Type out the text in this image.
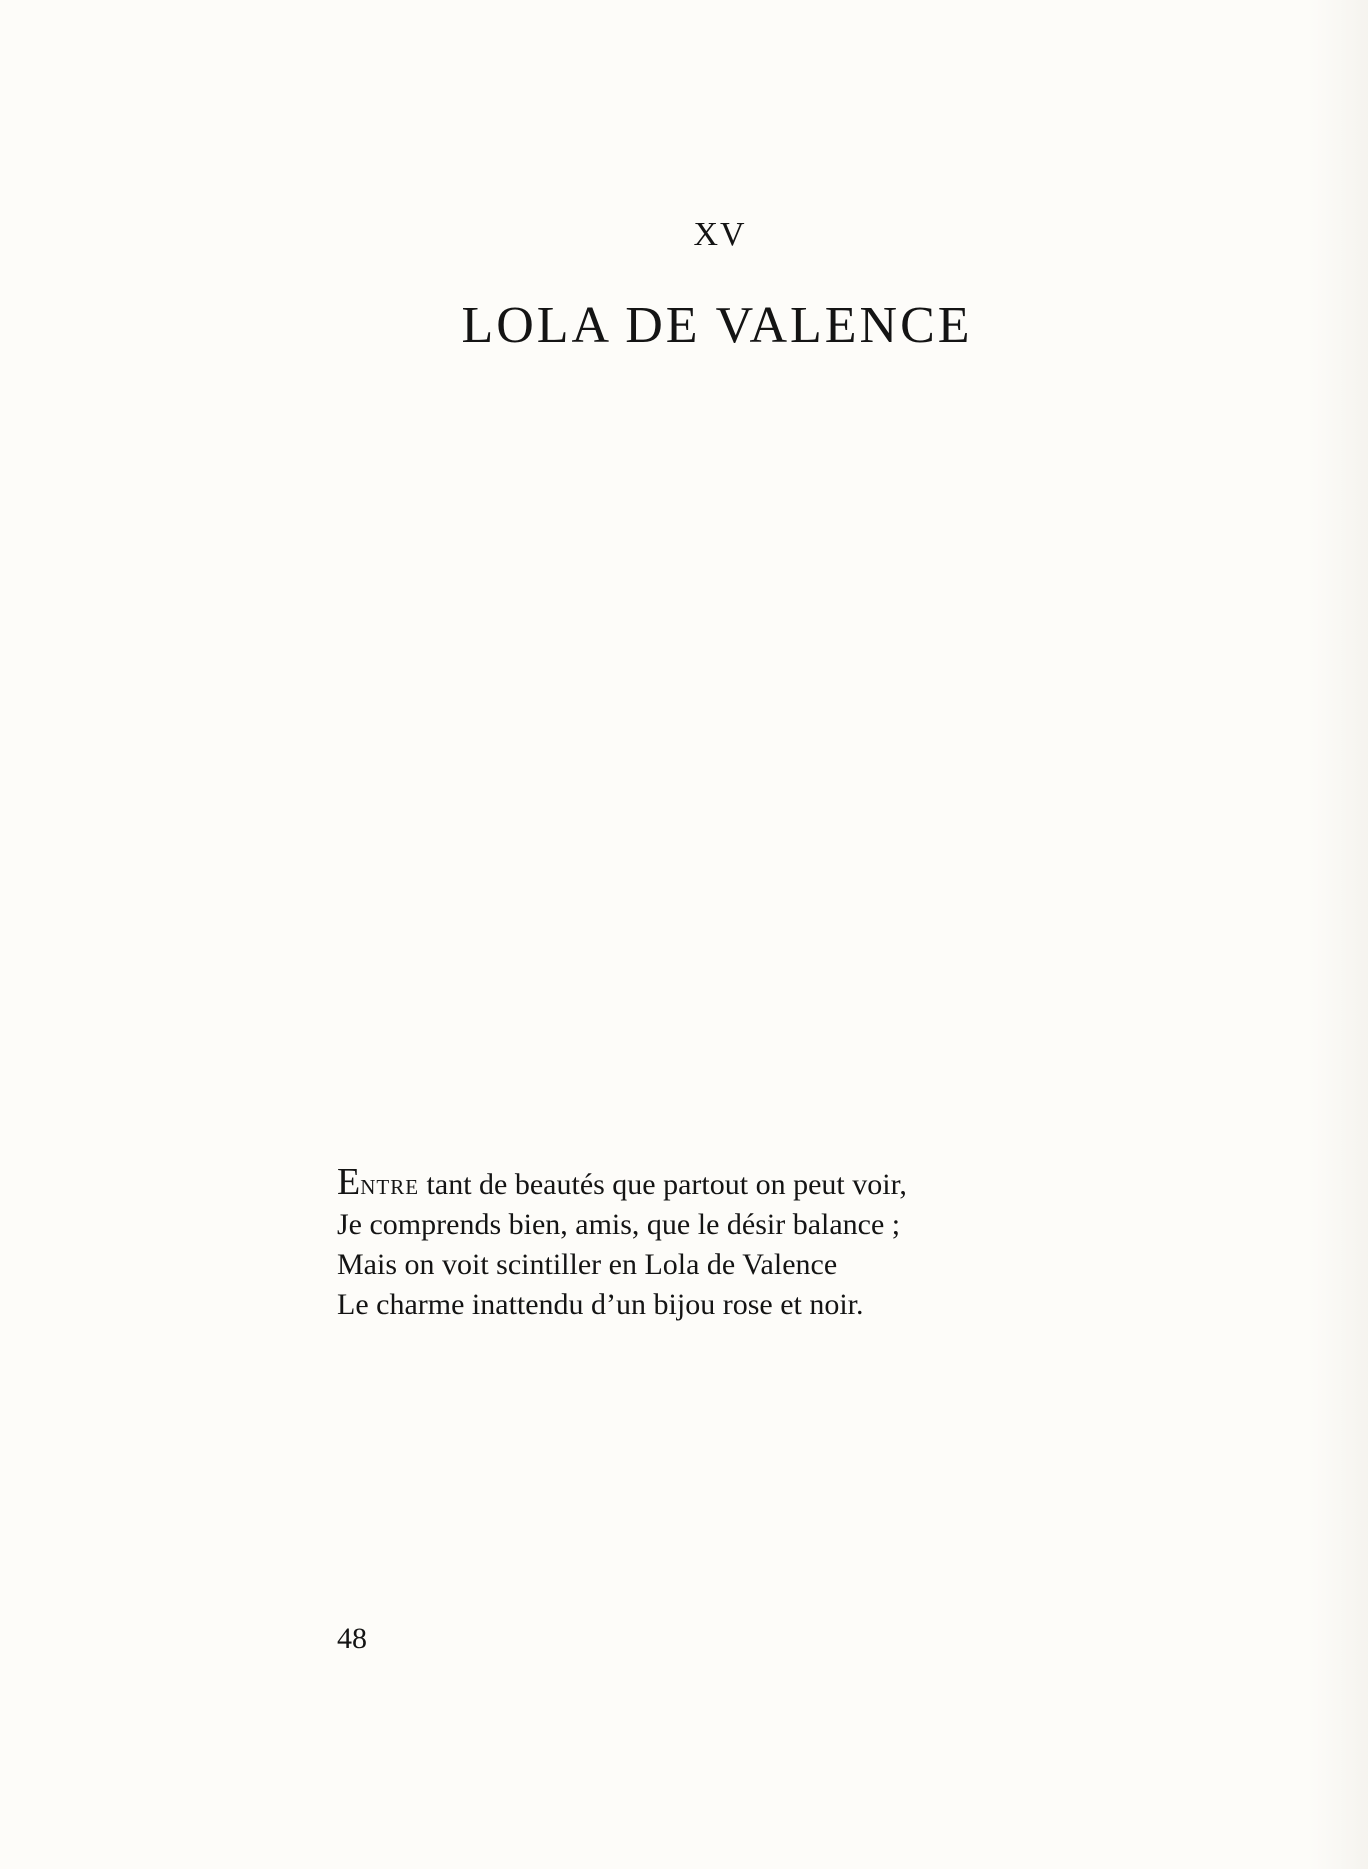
XV
LOLA DE VALENCE
Entre tant de beautés que partout on peut voir,
Je comprends bien, amis, que le désir balance ;
Mais on voit scintiller en Lola de Valence
Le charme inattendu d’un bijou rose et noir.
48
